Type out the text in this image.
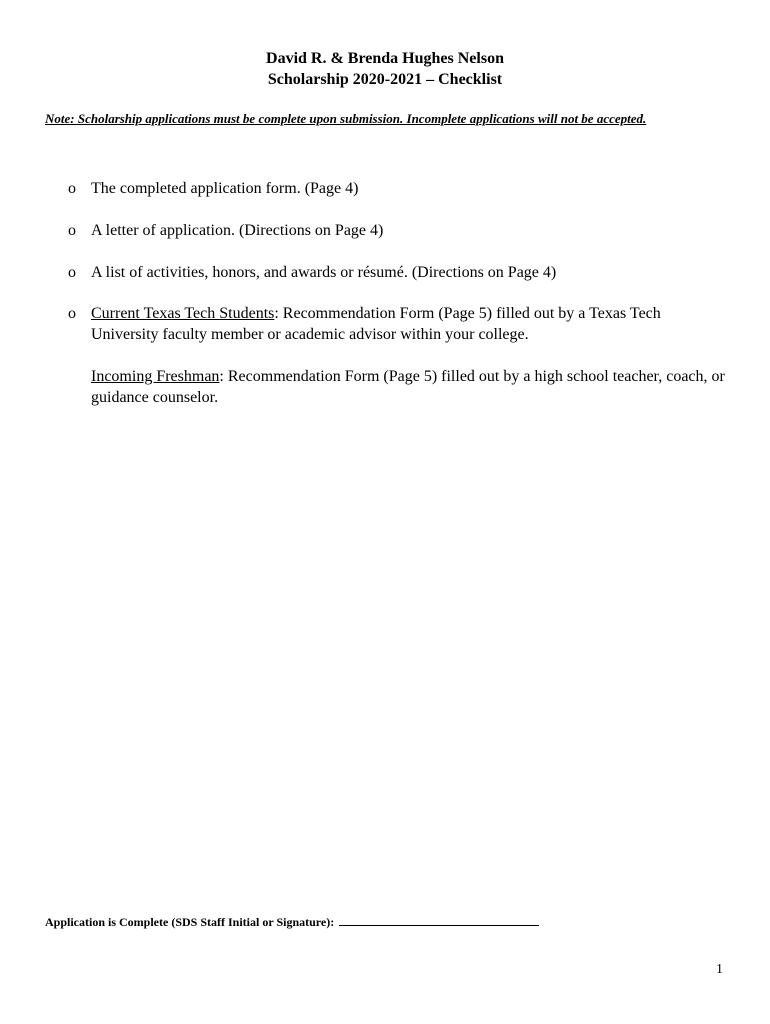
David R. & Brenda Hughes Nelson
Scholarship 2020-2021 – Checklist
Note: Scholarship applications must be complete upon submission. Incomplete applications will not be accepted.
o The completed application form. (Page 4)
o A letter of application. (Directions on Page 4)
o A list of activities, honors, and awards or résumé. (Directions on Page 4)
o Current Texas Tech Students: Recommendation Form (Page 5) filled out by a Texas Tech University faculty member or academic advisor within your college.
Incoming Freshman: Recommendation Form (Page 5) filled out by a high school teacher, coach, or guidance counselor.
Application is Complete (SDS Staff Initial or Signature):
1
